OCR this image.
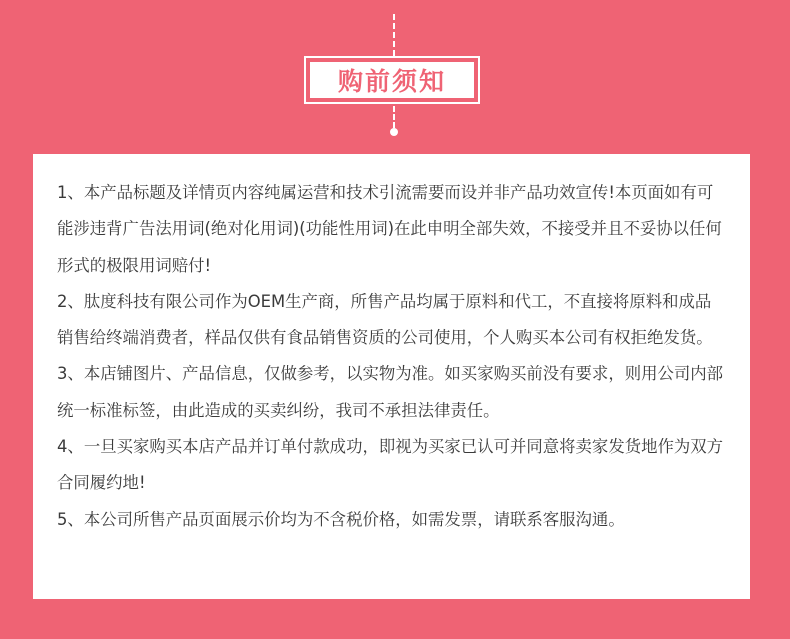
购前须知

1、本产品标题及详情页内容纯属运营和技术引流需要而设并非产品功效宣传!本页面如有可能涉违背广告法用词(绝对化用词)(功能性用词)在此申明全部失效，不接受并且不妥协以任何形式的极限用词赔付!

2、肽度科技有限公司作为OEM生产商，所售产品均属于原料和代工，不直接将原料和成品销售给终端消费者，样品仅供有食品销售资质的公司使用，个人购买本公司有权拒绝发货。

3、本店铺图片、产品信息，仅做参考，以实物为准。如买家购买前没有要求，则用公司内部统一标准标签，由此造成的买卖纠纷，我司不承担法律责任。

4、一旦买家购买本店产品并订单付款成功，即视为买家已认可并同意将卖家发货地作为双方合同履约地!

5、本公司所售产品页面展示价均为不含税价格，如需发票，请联系客服沟通。
